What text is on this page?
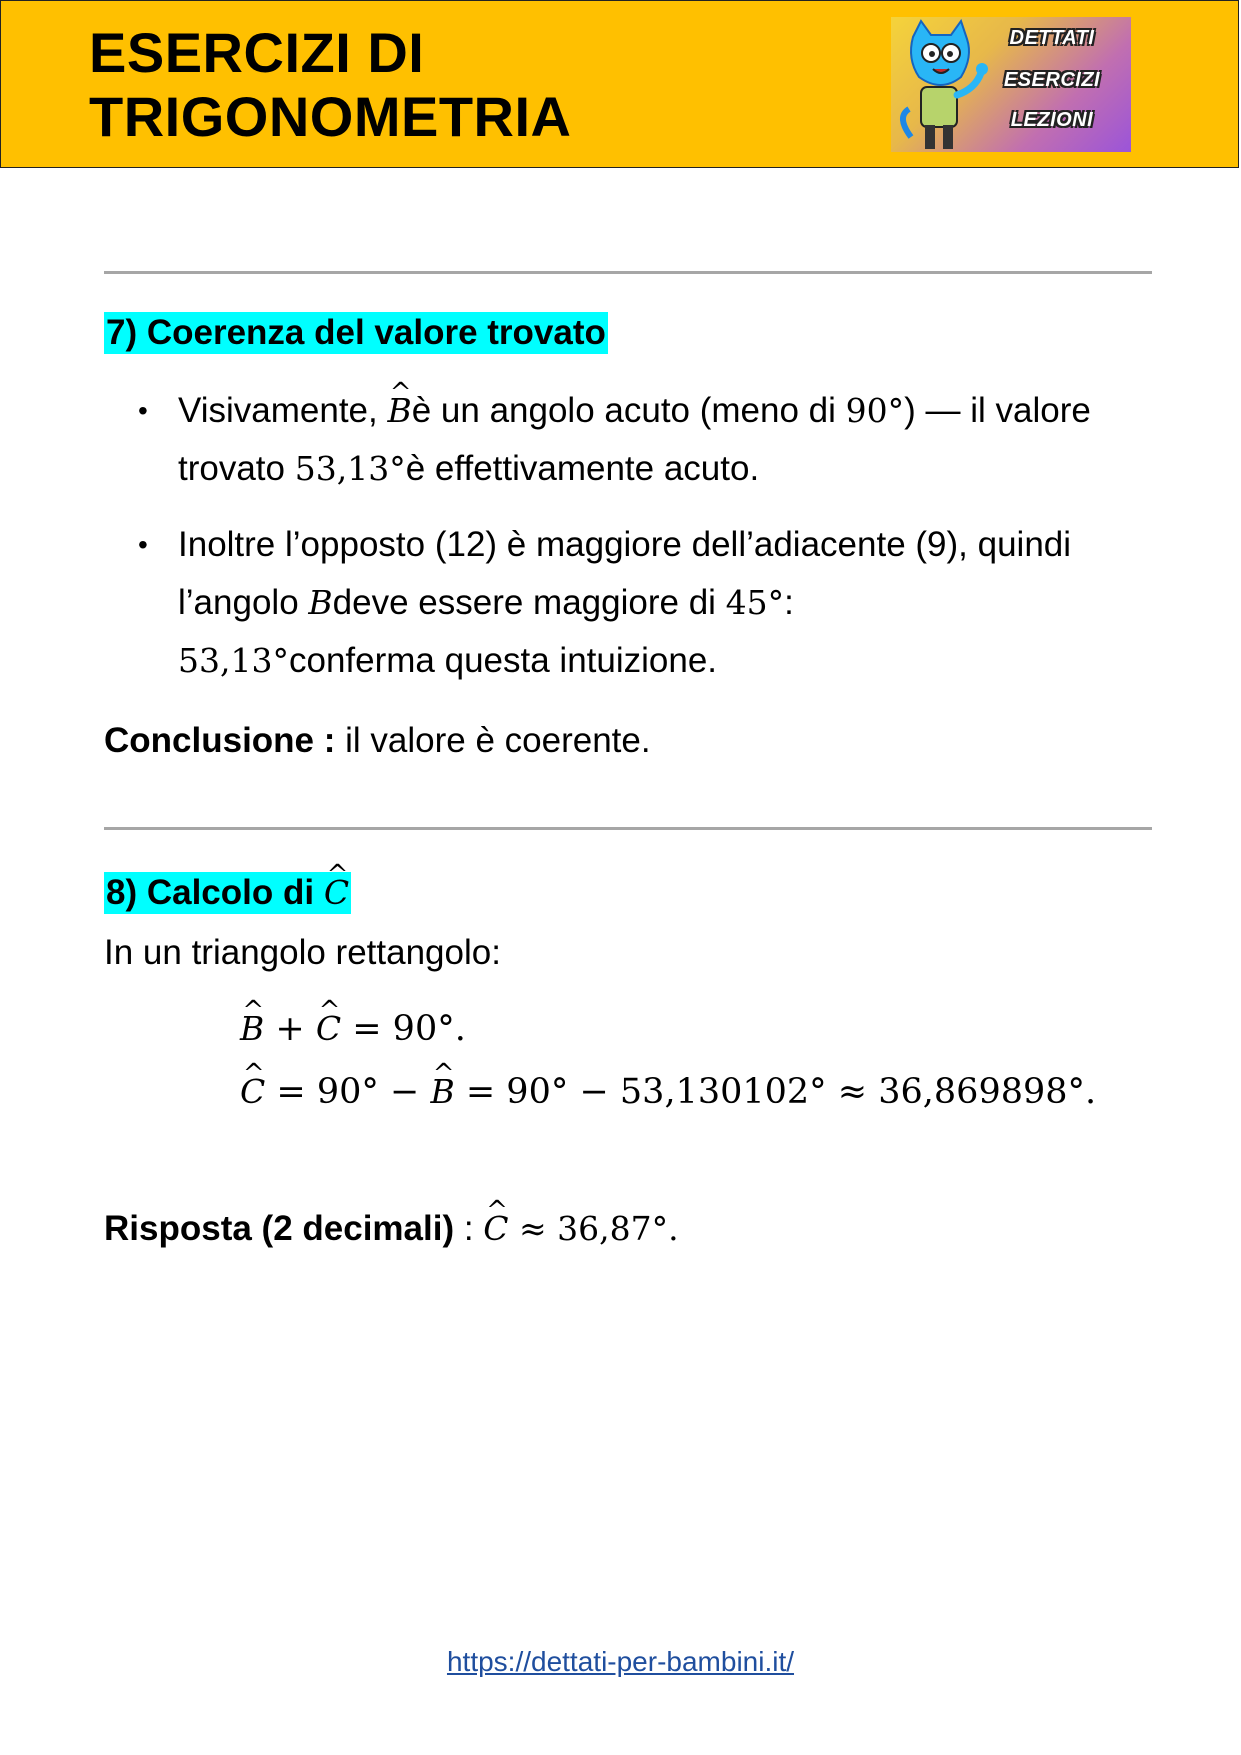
ESERCIZI DI
TRIGONOMETRIA
DETTATI
ESERCIZI
LEZIONI
7) Coerenza del valore trovato
• Visivamente, ^ Bè un angolo acuto (meno di 90°) — il valore trovato 53,13°è effettivamente acuto.
• Inoltre l’opposto (12) è maggiore dell’adiacente (9), quindi l’angolo Bdeve essere maggiore di 45°:
53,13°conferma questa intuizione.

Conclusione : il valore è coerente.

8) Calcolo di ^ C

In un triangolo rettangolo:

^ B + ^ C = 90°.

^ C = 90° − ^ B = 90° − 53,130102° ≈ 36,869898°.

Risposta (2 decimali) : ^ C ≈ 36,87°.

https://dettati-per-bambini.it/
